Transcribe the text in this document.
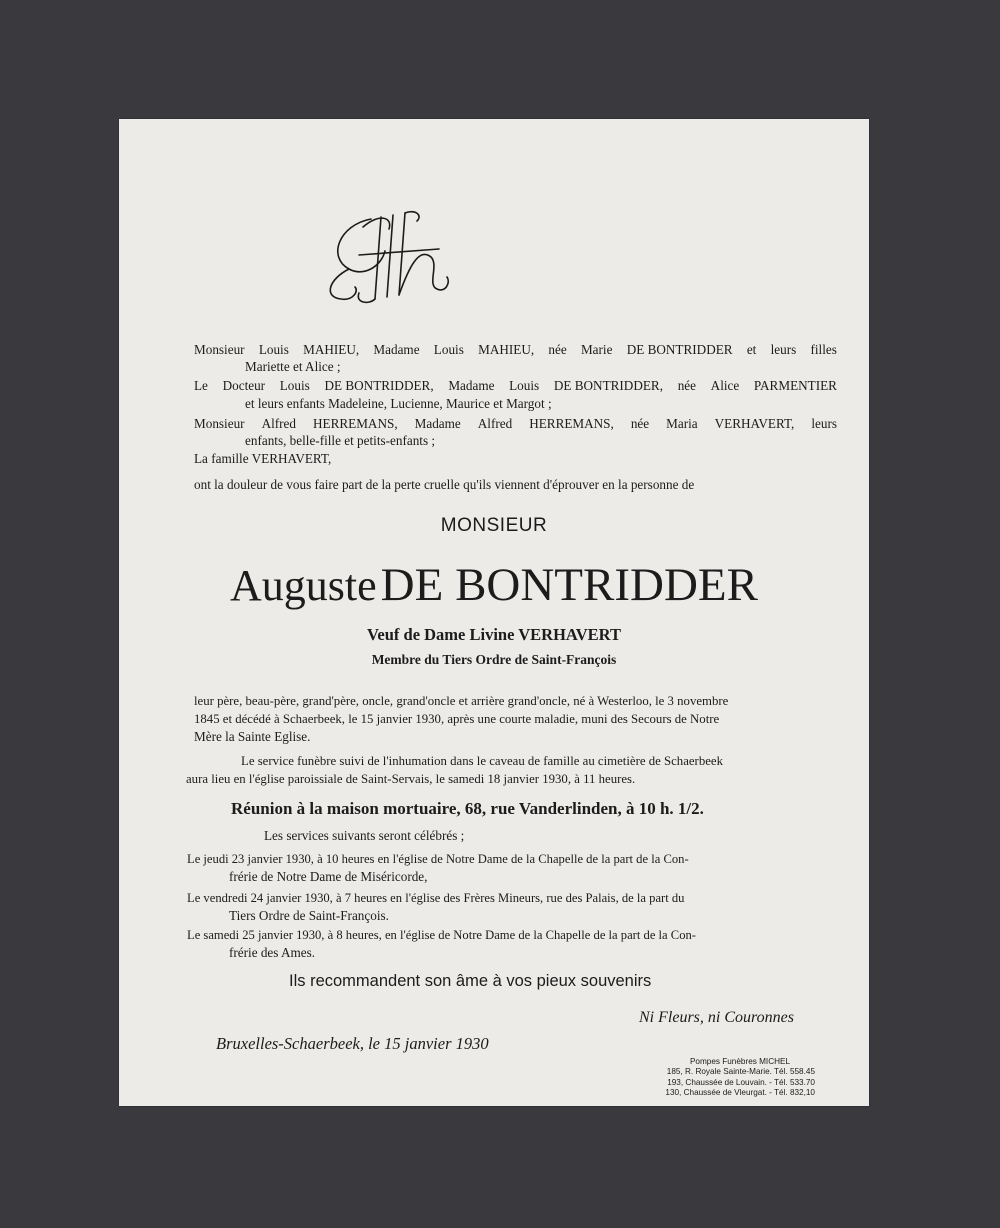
Monsieur Louis MAHIEU, Madame Louis MAHIEU, née Marie DE BONTRIDDER et leurs filles
Mariette et Alice ;
Le Docteur Louis DE BONTRIDDER, Madame Louis DE BONTRIDDER, née Alice PARMENTIER
et leurs enfants Madeleine, Lucienne, Maurice et Margot ;
Monsieur Alfred HERREMANS, Madame Alfred HERREMANS, née Maria VERHAVERT, leurs
enfants, belle-fille et petits-enfants ;
La famille VERHAVERT,
ont la douleur de vous faire part de la perte cruelle qu'ils viennent d'éprouver en la personne de
MONSIEUR
Auguste DE BONTRIDDER
Veuf de Dame Livine VERHAVERT
Membre du Tiers Ordre de Saint-François
leur père, beau-père, grand'père, oncle, grand'oncle et arrière grand'oncle, né à Westerloo, le 3 novembre
1845 et décédé à Schaerbeek, le 15 janvier 1930, après une courte maladie, muni des Secours de Notre
Mère la Sainte Eglise.
Le service funèbre suivi de l'inhumation dans le caveau de famille au cimetière de Schaerbeek
aura lieu en l'église paroissiale de Saint-Servais, le samedi 18 janvier 1930, à 11 heures.
Réunion à la maison mortuaire, 68, rue Vanderlinden, à 10 h. 1/2.
Les services suivants seront célébrés ;
Le jeudi 23 janvier 1930, à 10 heures en l'église de Notre Dame de la Chapelle de la part de la Con-
frérie de Notre Dame de Miséricorde,
Le vendredi 24 janvier 1930, à 7 heures en l'église des Frères Mineurs, rue des Palais, de la part du
Tiers Ordre de Saint-François.
Le samedi 25 janvier 1930, à 8 heures, en l'église de Notre Dame de la Chapelle de la part de la Con-
frérie des Ames.
Ils recommandent son âme à vos pieux souvenirs
Ni Fleurs, ni Couronnes
Bruxelles-Schaerbeek, le 15 janvier 1930
Pompes Funèbres MICHEL
185, R. Royale Sainte-Marie. Tél. 558.45
193, Chaussée de Louvain. - Tél. 533.70
130, Chaussée de Vleurgat. - Tél. 832,10
